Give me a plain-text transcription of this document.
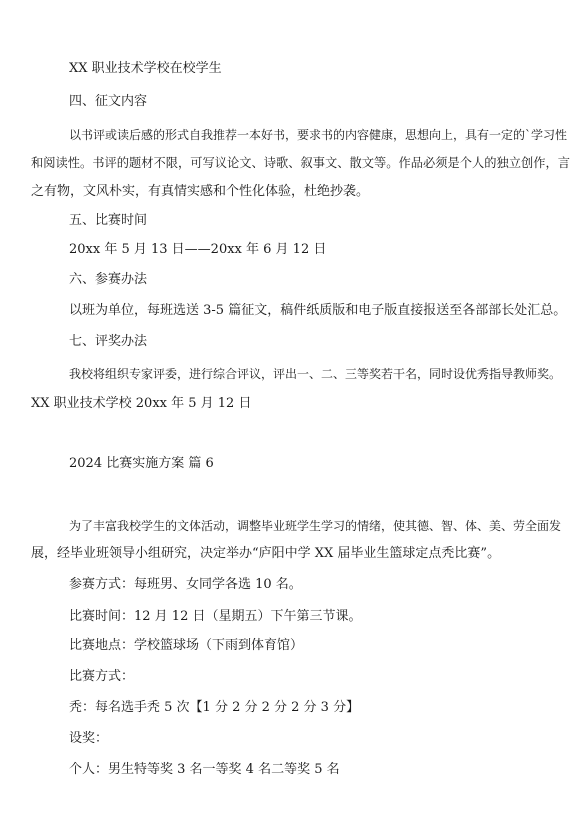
XX 职业技术学校在校学生
四、征文内容
以书评或读后感的形式自我推荐一本好书，要求书的内容健康，思想向上，具有一定的`学习性
和阅读性。书评的题材不限，可写议论文、诗歌、叙事文、散文等。作品必须是个人的独立创作，言
之有物，文风朴实，有真情实感和个性化体验，杜绝抄袭。
五、比赛时间
20xx 年 5 月 13 日——20xx 年 6 月 12 日
六、参赛办法
以班为单位，每班选送 3-5 篇征文，稿件纸质版和电子版直接报送至各部部长处汇总。
七、评奖办法
我校将组织专家评委，进行综合评议，评出一、二、三等奖若干名，同时设优秀指导教师奖。
XX 职业技术学校 20xx 年 5 月 12 日
2024 比赛实施方案 篇 6
为了丰富我校学生的文体活动，调整毕业班学生学习的情绪，使其德、智、体、美、劳全面发
展，经毕业班领导小组研究，决定举办“庐阳中学 XX 届毕业生篮球定点秃比赛”。
参赛方式：每班男、女同学各选 10 名。
比赛时间：12 月 12 日（星期五）下午第三节课。
比赛地点：学校篮球场（下雨到体育馆）
比赛方式：
秃：每名选手秃 5 次【1 分 2 分 2 分 2 分 3 分】
设奖：
个人：男生特等奖 3 名一等奖 4 名二等奖 5 名
